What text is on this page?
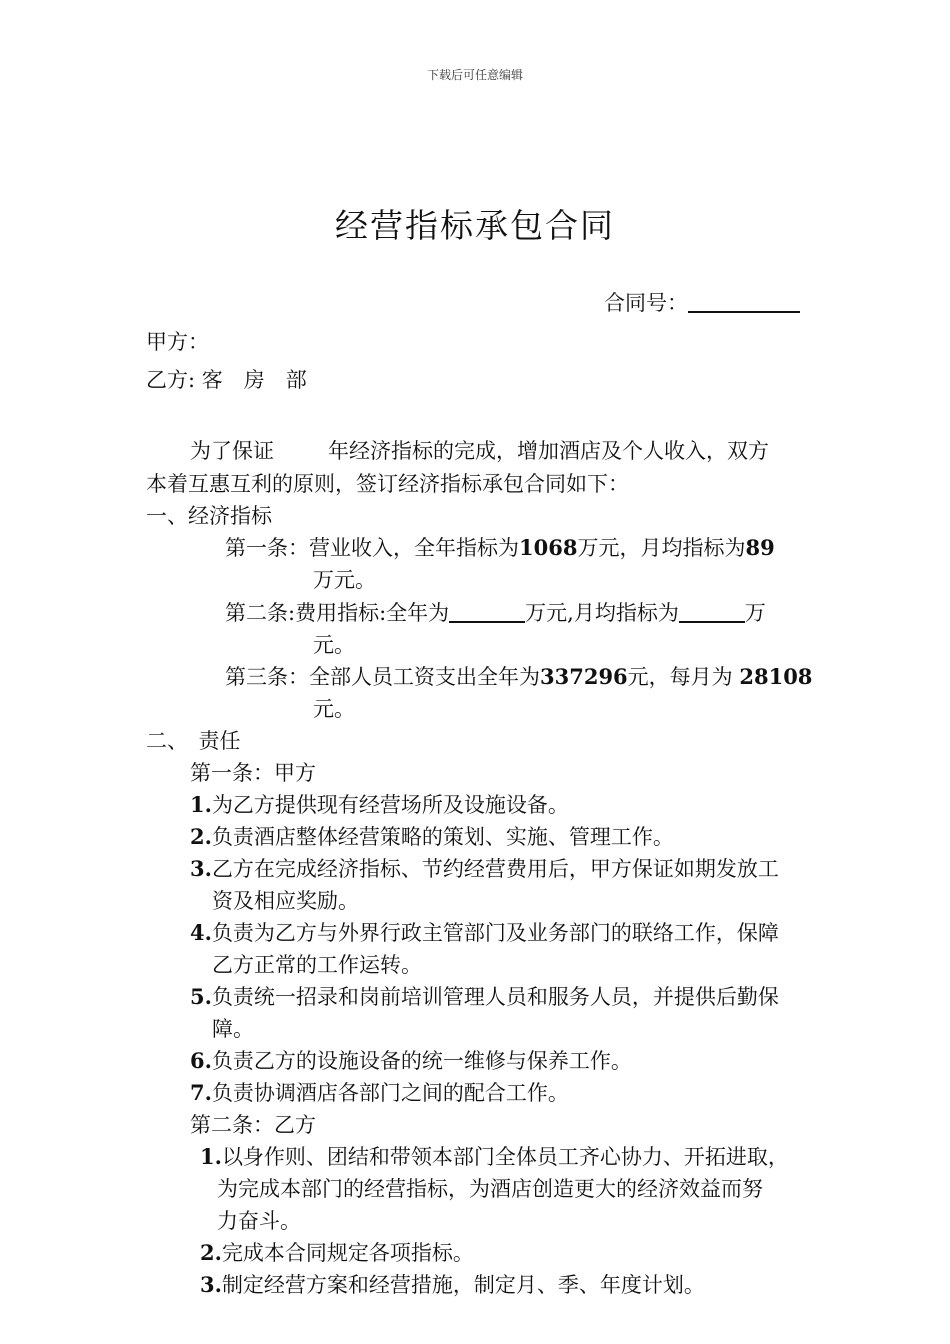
下载后可任意编辑
经营指标承包合同
合同号：
甲方：
乙方: 客　房　部
为了保证	年经济指标的完成，增加酒店及个人收入，双方
本着互惠互利的原则，签订经济指标承包合同如下：
一、经济指标
第一条：营业收入，全年指标为1068万元，月均指标为89
万元。
第二条:费用指标:全年为	万元,月均指标为	万
元。
第三条：全部人员工资支出全年为337296元，每月为 28108
元。
二、　责任
第一条：甲方
1.为乙方提供现有经营场所及设施设备。
2.负责酒店整体经营策略的策划、实施、管理工作。
3.乙方在完成经济指标、节约经营费用后，甲方保证如期发放工
资及相应奖励。
4.负责为乙方与外界行政主管部门及业务部门的联络工作，保障
乙方正常的工作运转。
5.负责统一招录和岗前培训管理人员和服务人员，并提供后勤保
障。
6.负责乙方的设施设备的统一维修与保养工作。
7.负责协调酒店各部门之间的配合工作。
第二条：乙方
1.以身作则、团结和带领本部门全体员工齐心协力、开拓进取，
为完成本部门的经营指标，为酒店创造更大的经济效益而努
力奋斗。
2.完成本合同规定各项指标。
3.制定经营方案和经营措施，制定月、季、年度计划。
